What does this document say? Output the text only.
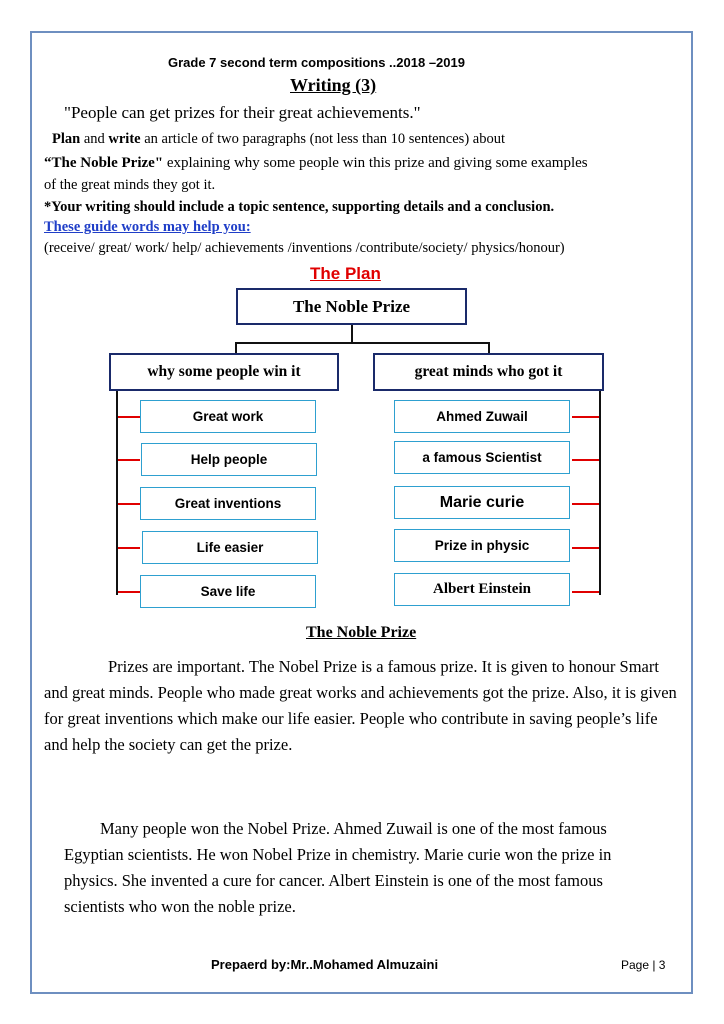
Grade 7 second term compositions ..2018 –2019
Writing (3)
"People can get prizes for their great achievements."
Plan and write an article of two paragraphs (not less than 10 sentences) about
“The Noble Prize" explaining why some people win this prize and giving some examples
of the great minds they got it.
*Your writing should include a topic sentence, supporting details and a conclusion.
These guide words may help you:
(receive/ great/ work/ help/ achievements /inventions /contribute/society/ physics/honour)
The Plan
The Noble Prize
why some people win it	great minds who got it
Great work
Help people
Great inventions
Life easier
Save life
Ahmed Zuwail
a famous Scientist
Marie curie
Prize in physic
Albert Einstein
The Noble Prize
Prizes are important. The Nobel Prize is a famous prize. It is given to honour Smart and great minds. People who made great works and achievements got the prize. Also, it is given for great inventions which make our life easier. People who contribute in saving people’s life and help the society can get the prize.
Many people won the Nobel Prize. Ahmed Zuwail is one of the most famous Egyptian scientists. He won Nobel Prize in chemistry. Marie curie won the prize in physics. She invented a cure for cancer. Albert Einstein is one of the most famous scientists who won the noble prize.
Prepaerd by:Mr..Mohamed Almuzaini	Page | 3
